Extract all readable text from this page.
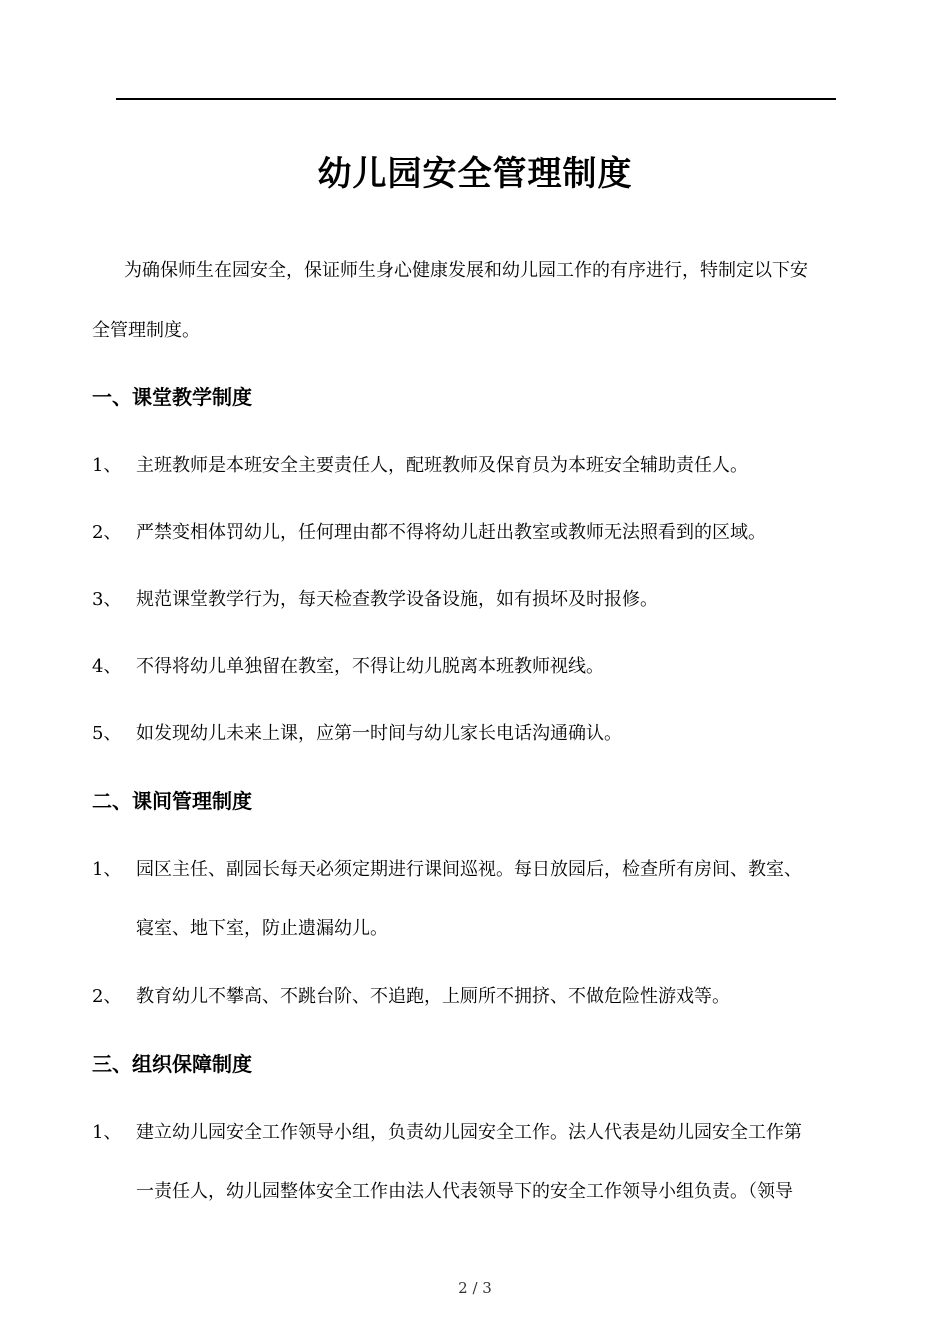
幼儿园安全管理制度
为确保师生在园安全，保证师生身心健康发展和幼儿园工作的有序进行，特制定以下安
全管理制度。
一、课堂教学制度
1、 主班教师是本班安全主要责任人，配班教师及保育员为本班安全辅助责任人。
2、 严禁变相体罚幼儿，任何理由都不得将幼儿赶出教室或教师无法照看到的区域。
3、 规范课堂教学行为，每天检查教学设备设施，如有损坏及时报修。
4、 不得将幼儿单独留在教室，不得让幼儿脱离本班教师视线。
5、 如发现幼儿未来上课，应第一时间与幼儿家长电话沟通确认。
二、课间管理制度
1、 园区主任、副园长每天必须定期进行课间巡视。每日放园后，检查所有房间、教室、
寝室、地下室，防止遗漏幼儿。
2、 教育幼儿不攀高、不跳台阶、不追跑，上厕所不拥挤、不做危险性游戏等。
三、组织保障制度
1、 建立幼儿园安全工作领导小组，负责幼儿园安全工作。法人代表是幼儿园安全工作第
一责任人，幼儿园整体安全工作由法人代表领导下的安全工作领导小组负责。（领导
2 / 3
